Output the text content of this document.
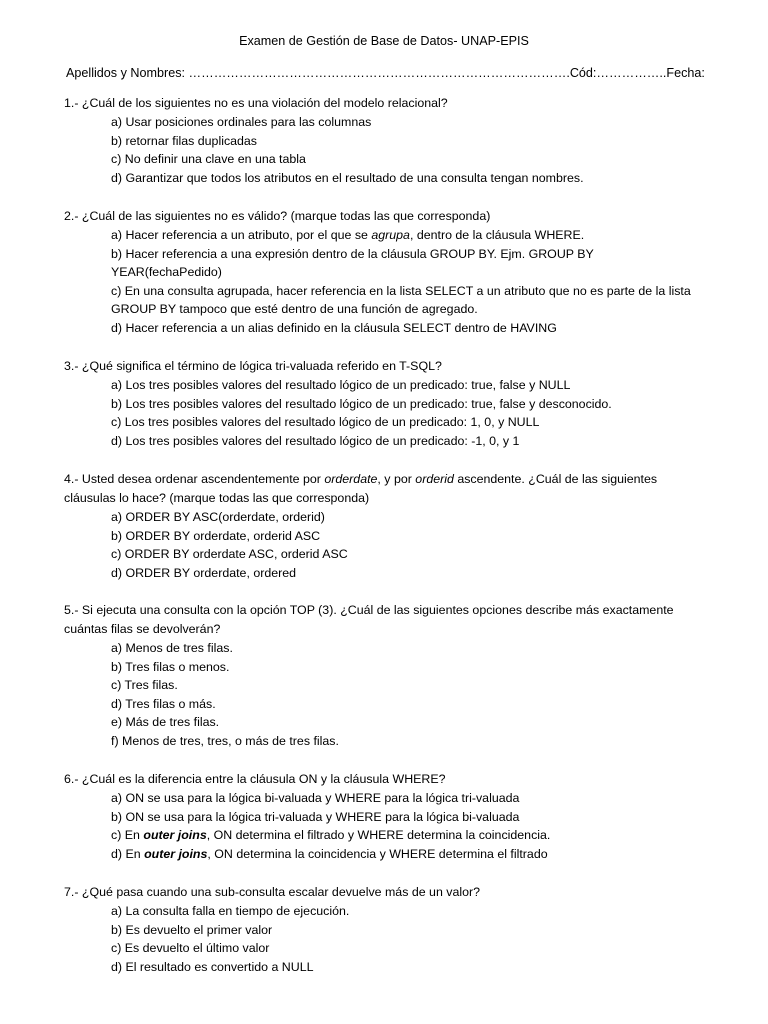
Examen de Gestión de Base de Datos- UNAP-EPIS
Apellidos y Nombres: ……………………………………………………………………………….Cód:……………..Fecha:
1.- ¿Cuál de los siguientes no es una violación del modelo relacional?
a) Usar posiciones ordinales para las columnas
b) retornar filas duplicadas
c) No definir una clave en una tabla
d) Garantizar que todos los atributos en el resultado de una consulta tengan nombres.
2.- ¿Cuál de las siguientes no es válido? (marque todas las que corresponda)
a) Hacer referencia a un atributo, por el que se agrupa, dentro de la cláusula WHERE.
b) Hacer referencia a una expresión dentro de la cláusula GROUP BY. Ejm. GROUP BY YEAR(fechaPedido)
c) En una consulta agrupada, hacer referencia en la lista SELECT a un atributo que no es parte de la lista GROUP BY tampoco que esté dentro de una función de agregado.
d) Hacer referencia a un alias definido en la cláusula SELECT dentro de HAVING
3.- ¿Qué significa el término de lógica tri-valuada referido en T-SQL?
a) Los tres posibles valores del resultado lógico de un predicado: true, false y NULL
b) Los tres posibles valores del resultado lógico de un predicado: true, false y desconocido.
c) Los tres posibles valores del resultado lógico de un predicado: 1, 0, y NULL
d) Los tres posibles valores del resultado lógico de un predicado: -1, 0, y 1
4.- Usted desea ordenar ascendentemente por orderdate, y por orderid ascendente. ¿Cuál de las siguientes cláusulas lo hace? (marque todas las que corresponda)
a) ORDER BY ASC(orderdate, orderid)
b) ORDER BY orderdate, orderid ASC
c) ORDER BY orderdate ASC, orderid ASC
d) ORDER BY orderdate, ordered
5.- Si ejecuta una consulta con la opción TOP (3). ¿Cuál de las siguientes opciones describe más exactamente cuántas filas se devolverán?
a) Menos de tres filas.
b) Tres filas o menos.
c) Tres filas.
d) Tres filas o más.
e) Más de tres filas.
f) Menos de tres, tres, o más de tres filas.
6.- ¿Cuál es la diferencia entre la cláusula ON y la cláusula WHERE?
a) ON se usa para la lógica bi-valuada y WHERE para la lógica tri-valuada
b) ON se usa para la lógica tri-valuada y WHERE para la lógica bi-valuada
c) En outer joins, ON determina el filtrado y WHERE determina la coincidencia.
d) En outer joins, ON determina la coincidencia y WHERE determina el filtrado
7.- ¿Qué pasa cuando una sub-consulta escalar devuelve más de un valor?
a) La consulta falla en tiempo de ejecución.
b) Es devuelto el primer valor
c) Es devuelto el último valor
d) El resultado es convertido a NULL
